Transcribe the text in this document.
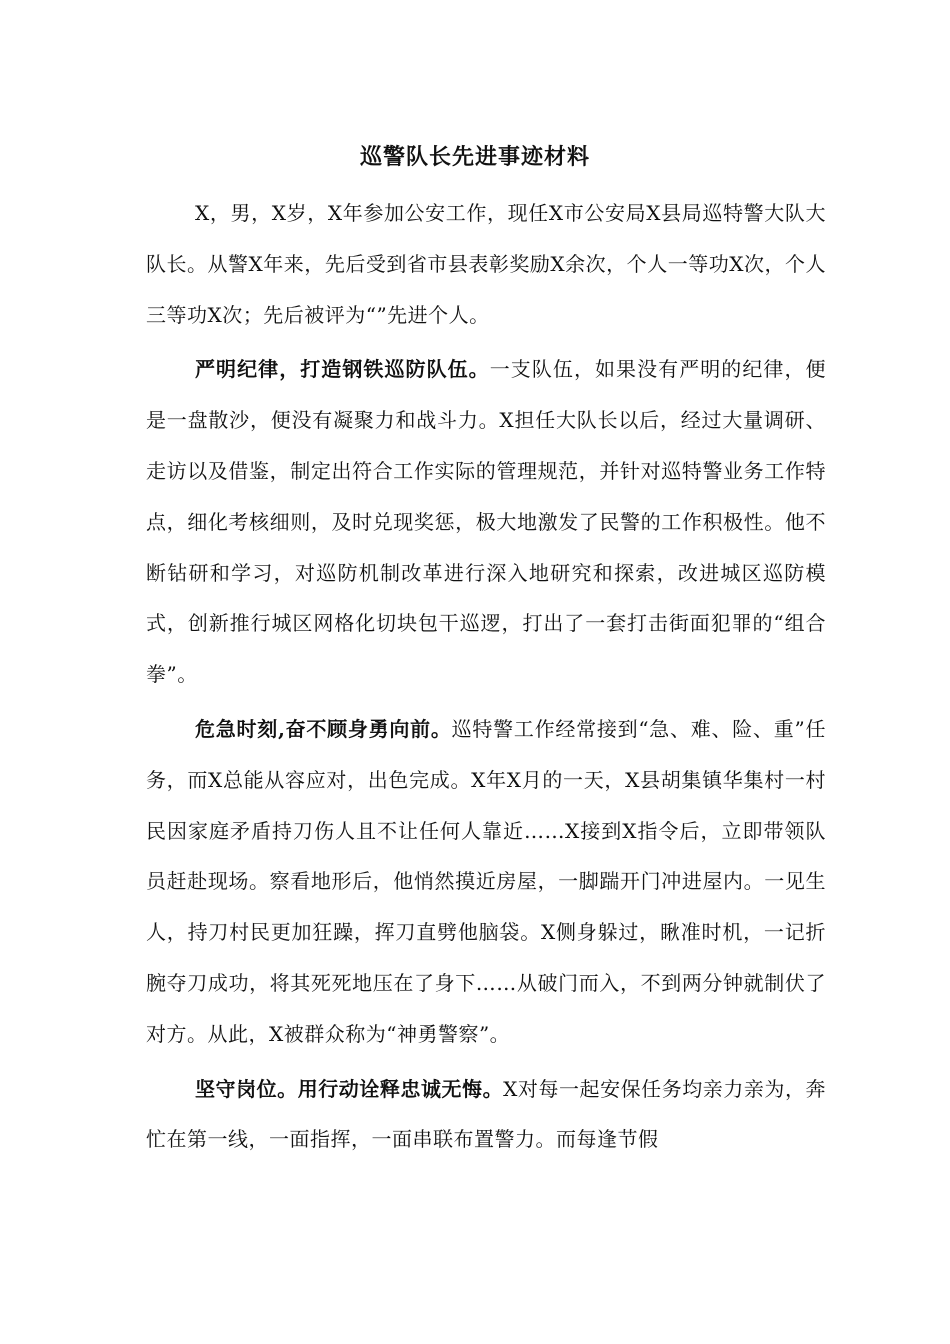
巡警队长先进事迹材料

X，男，X岁，X年参加公安工作，现任X市公安局X县局巡特警大队大队长。从警X年来，先后受到省市县表彰奖励X余次，个人一等功X次，个人三等功X次；先后被评为“”先进个人。

严明纪律，打造钢铁巡防队伍。一支队伍，如果没有严明的纪律，便是一盘散沙，便没有凝聚力和战斗力。X担任大队长以后，经过大量调研、走访以及借鉴，制定出符合工作实际的管理规范，并针对巡特警业务工作特点，细化考核细则，及时兑现奖惩，极大地激发了民警的工作积极性。他不断钻研和学习，对巡防机制改革进行深入地研究和探索，改进城区巡防模式，创新推行城区网格化切块包干巡逻，打出了一套打击街面犯罪的“组合拳”。

危急时刻,奋不顾身勇向前。巡特警工作经常接到“急、难、险、重”任务，而X总能从容应对，出色完成。X年X月的一天，X县胡集镇华集村一村民因家庭矛盾持刀伤人且不让任何人靠近……X接到X指令后，立即带领队员赶赴现场。察看地形后，他悄然摸近房屋，一脚踹开门冲进屋内。一见生人，持刀村民更加狂躁，挥刀直劈他脑袋。X侧身躲过，瞅准时机，一记折腕夺刀成功，将其死死地压在了身下……从破门而入，不到两分钟就制伏了对方。从此，X被群众称为“神勇警察”。

坚守岗位。用行动诠释忠诚无悔。X对每一起安保任务均亲力亲为，奔忙在第一线，一面指挥，一面串联布置警力。而每逢节假
